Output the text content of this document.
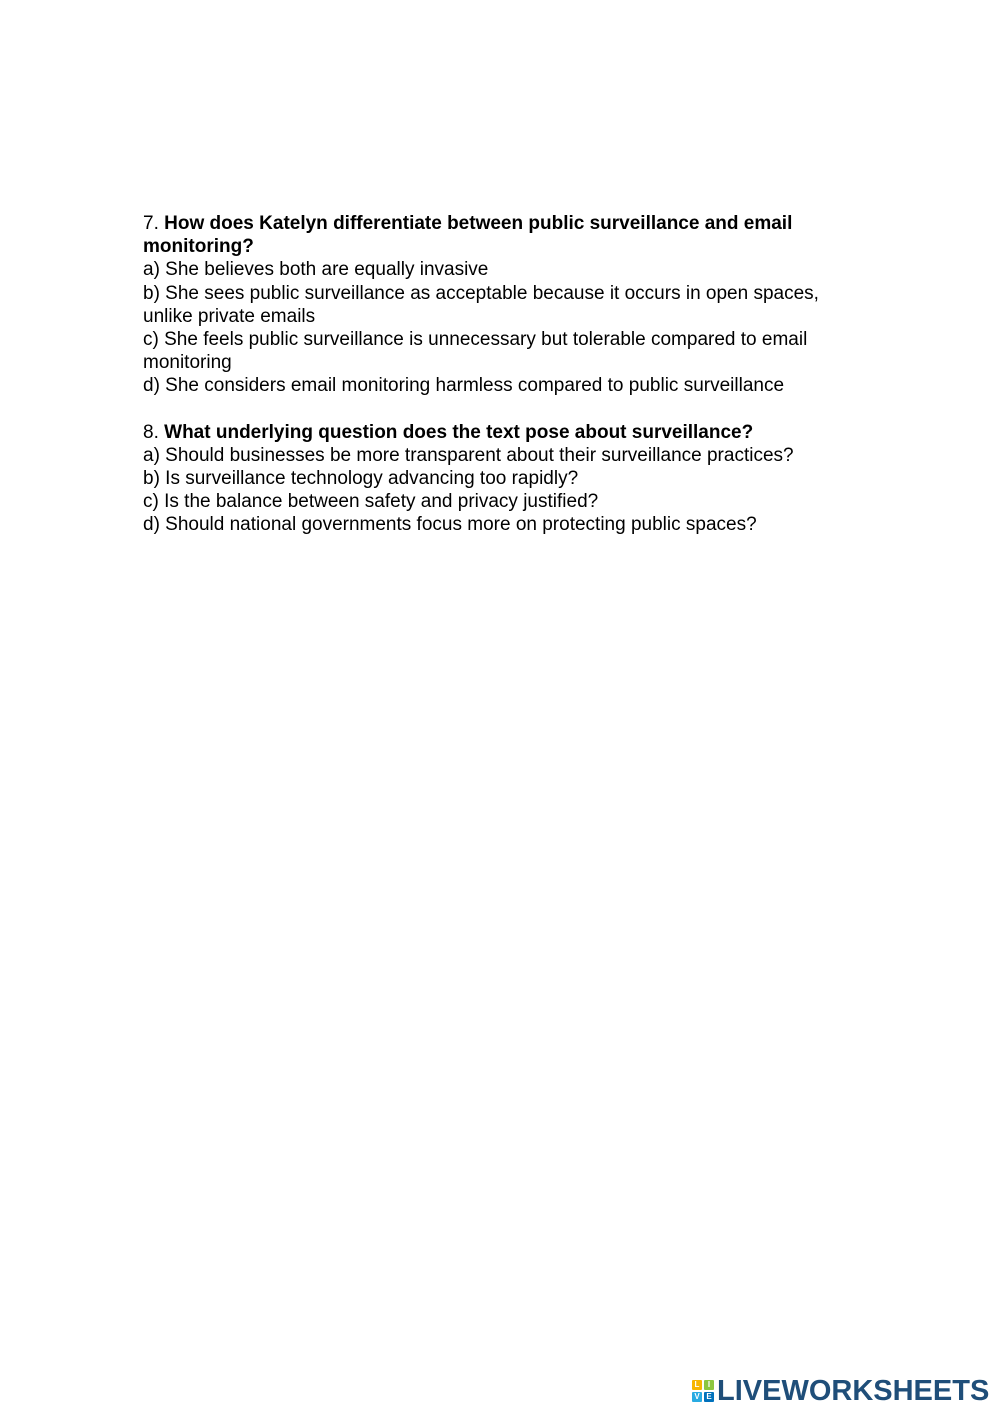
7. How does Katelyn differentiate between public surveillance and email monitoring?

a) She believes both are equally invasive

b) She sees public surveillance as acceptable because it occurs in open spaces, unlike private emails

c) She feels public surveillance is unnecessary but tolerable compared to email monitoring

d) She considers email monitoring harmless compared to public surveillance

8. What underlying question does the text pose about surveillance?

a) Should businesses be more transparent about their surveillance practices?

b) Is surveillance technology advancing too rapidly?

c) Is the balance between safety and privacy justified?

d) Should national governments focus more on protecting public spaces?

L	I
V E LIVEWORKSHEETS
